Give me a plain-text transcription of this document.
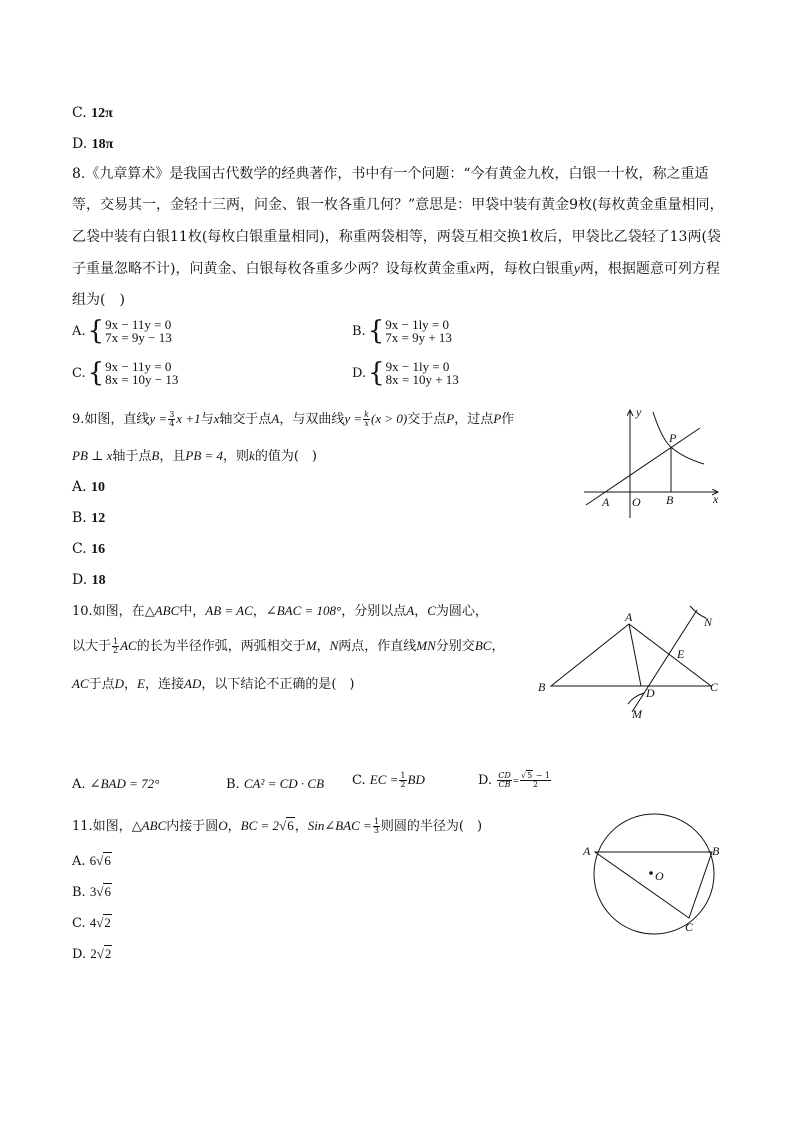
C. 12π
D. 18π
8.《九章算术》是我国古代数学的经典著作，书中有一个问题：“今有黄金九枚，白银一十枚，称之重适
等，交易其一，金轻十三两，问金、银一枚各重几何？”意思是：甲袋中装有黄金9枚(每枚黄金重量相同，
乙袋中装有白银11枚(每枚白银重量相同)，称重两袋相等，两袋互相交换1枚后，甲袋比乙袋轻了13两(袋
子重量忽略不计)，问黄金、白银每枚各重多少两？设每枚黄金重x两，每枚白银重y两，根据题意可列方程
组为(　)
A. { 9x − 11y = 0
7x = 9y − 13	B. { 9x − 1ly = 0
7x = 9y + 13
C. { 9x − 11y = 0
8x = 10y − 13	D. { 9x − 1ly = 0
8x = 10y + 13
9.如图，直线$y = \frac{3}{4}$ x +1与x轴交于点A，与双曲线$y = \frac{k}{x} (x > 0)$交于点P，过点P作
PB ⊥ x轴于点B，且PB = 4，则k的值为(　)
A. 10
B. 12
C. 16
D. 18
y
x
P
A O B
10.如图，在△ABC中，AB = AC，∠BAC = 108°，分别以点A，C为圆心，
以大于 $\frac{1}{2}$ AC的长为半径作弧，两弧相交于M，N两点，作直线MN分别交BC，
AC于点D，E，连接AD，以下结论不正确的是(　)
A	N
E
B	D	C
M
A. ∠BAD = 72°	B. CA² = CD · CB C. EC = $\frac{1}{2}$ BD	D. $\frac{CD}{CB} = \frac{√5 - 1}{2}$
11.如图，△ABC内接于圆O，BC = 2√6，Sin∠BAC = $\frac{1}{3}$ 则圆的半径为(　)
A. 6√6
B. 3√6
C. 4√2
D. 2√2
A	B
O
C
